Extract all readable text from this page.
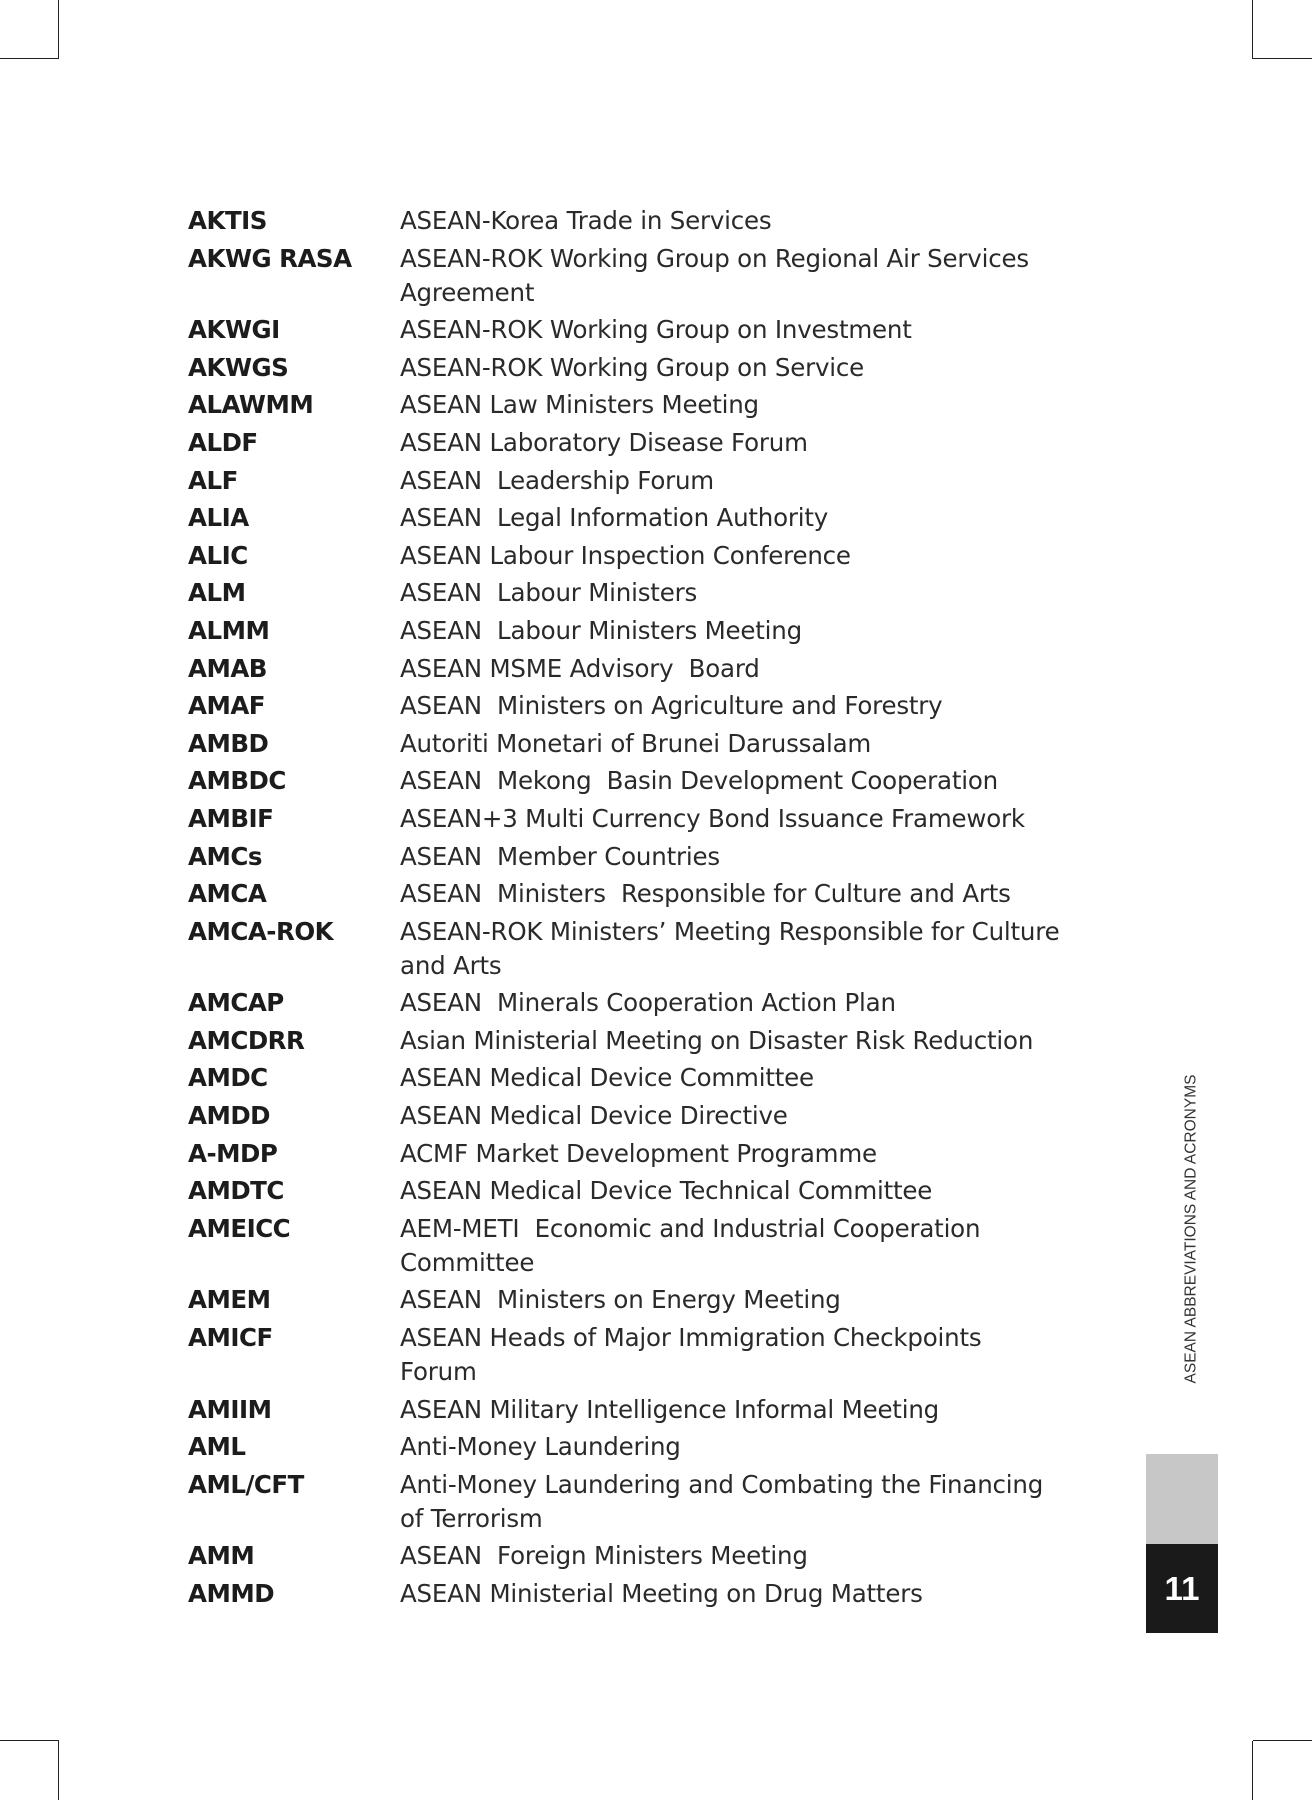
AKTIS	ASEAN-Korea Trade in Services
AKWG RASA	ASEAN-ROK Working Group on Regional Air Services
Agreement
AKWGI	ASEAN-ROK Working Group on Investment
AKWGS	ASEAN-ROK Working Group on Service
ALAWMM	ASEAN Law Ministers Meeting
ALDF	ASEAN Laboratory Disease Forum
ALF	ASEAN  Leadership Forum
ALIA	ASEAN  Legal Information Authority
ALIC	ASEAN Labour Inspection Conference
ALM	ASEAN  Labour Ministers
ALMM	ASEAN  Labour Ministers Meeting
AMAB	ASEAN MSME Advisory  Board
AMAF	ASEAN  Ministers on Agriculture and Forestry
AMBD	Autoriti Monetari of Brunei Darussalam
AMBDC	ASEAN  Mekong  Basin Development Cooperation
AMBIF	ASEAN+3 Multi Currency Bond Issuance Framework
AMCs	ASEAN  Member Countries
AMCA	ASEAN  Ministers  Responsible for Culture and Arts
AMCA-ROK	ASEAN-ROK Ministers’ Meeting Responsible for Culture
and Arts
AMCAP	ASEAN  Minerals Cooperation Action Plan
AMCDRR	Asian Ministerial Meeting on Disaster Risk Reduction
AMDC	ASEAN Medical Device Committee
AMDD	ASEAN Medical Device Directive
A-MDP	ACMF Market Development Programme
AMDTC	ASEAN Medical Device Technical Committee
AMEICC	AEM-METI  Economic and Industrial Cooperation
Committee
AMEM	ASEAN  Ministers on Energy Meeting
AMICF	ASEAN Heads of Major Immigration Checkpoints
Forum
AMIIM	ASEAN Military Intelligence Informal Meeting
AML	Anti-Money Laundering
AML/CFT	Anti-Money Laundering and Combating the Financing
of Terrorism
AMM	ASEAN  Foreign Ministers Meeting
AMMD	ASEAN Ministerial Meeting on Drug Matters
ASEAN ABBREVIATIONS AND ACRONYMS
11
